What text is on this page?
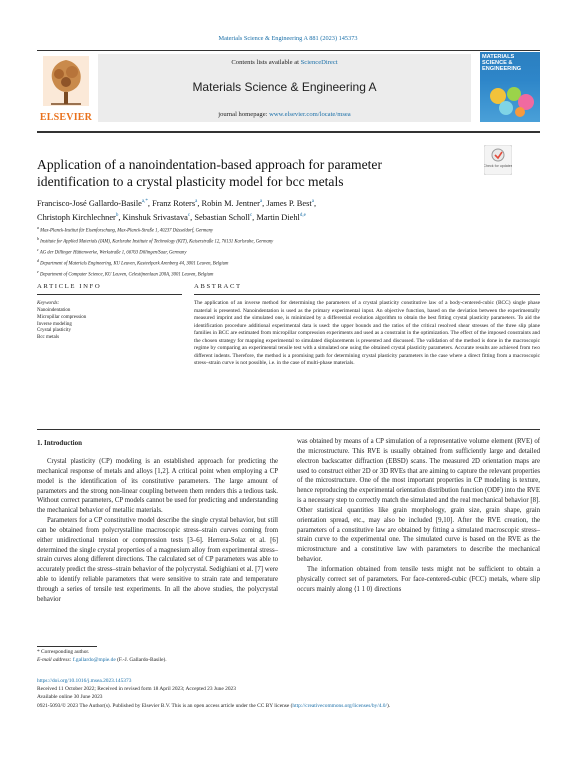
Materials Science & Engineering A 881 (2023) 145373
ELSEVIER
Contents lists available at ScienceDirect
Materials Science & Engineering A
journal homepage: www.elsevier.com/locate/msea
MATERIALS SCIENCE & ENGINEERING
Check for updates
Application of a nanoindentation-based approach for parameter identification to a crystal plasticity model for bcc metals
Francisco-José Gallardo-Basile$^{a,*}$, Franz Roters$^a$, Robin M. Jentner$^a$, James P. Best$^a$,
Christoph Kirchlechner$^b$, Kinshuk Srivastava$^c$, Sebastian Scholl$^c$, Martin Diehl$^{d,e}$
$^a$ Max-Planck-Institut für Eisenforschung, Max-Planck-Straße 1, 40237 Düsseldorf, Germany
$^b$ Institute for Applied Materials (IAM), Karlsruhe Institute of Technology (KIT), Kaiserstraße 12, 76131 Karlsruhe, Germany
$^c$ AG der Dillinger Hüttenwerke, Werkstraße 1, 66763 Dillingen/Saar, Germany
$^d$ Department of Materials Engineering, KU Leuven, Kasteelpark Arenberg 44, 3001 Leuven, Belgium
$^e$ Department of Computer Science, KU Leuven, Celestijnenlaan 200A, 3001 Leuven, Belgium
ARTICLE INFO	ABSTRACT
Keywords:
Nanoindentation
Micropillar compression
Inverse modeling
Crystal plasticity
Bcc metals
The application of an inverse method for determining the parameters of a crystal plasticity constitutive law of a body-centered-cubic (BCC) single phase material is presented. Nanoindentation is used as the primary experimental input. An objective function, based on the deviation between the experimentally measured imprint and the simulated one, is minimized by a differential evolution algorithm to obtain the best fitting crystal plasticity parameters. To aid the identification procedure additional experimental data is used: the upper bounds and the ratios of the critical resolved shear stresses of the three slip plane families in BCC are estimated from micropillar compression experiments and used as a constraint in the optimization. The effect of the imposed constraints and the chosen strategy for mapping experimental to simulated displacements is presented and discussed. The validation of the method is done in the macroscopic regime by comparing an experimental tensile test with a simulated one using the obtained crystal plasticity parameters. Accurate results are achieved from two different indents. Therefore, the method is a promising path for determining crystal plasticity parameters in the case where a direct fitting from a macroscopic stress–strain curve is not possible, i.e. in the case of multi-phase materials.
1. Introduction

Crystal plasticity (CP) modeling is an established approach for predicting the mechanical response of metals and alloys [1,2]. A critical point when employing a CP model is the identification of its constitutive parameters. The large amount of parameters and the strong non-linear coupling between them renders this a tedious task. Without correct parameters, CP models cannot be used for predicting and understanding the mechanical behavior of metallic materials.

Parameters for a CP constitutive model describe the single crystal behavior, but still can be obtained from polycrystalline macroscopic stress–strain curves coming from either unidirectional tension or compression tests [3–6]. Herrera-Solaz et al. [6] determined the single crystal properties of a magnesium alloy from experimental stress–strain curves along different directions. The calculated set of CP parameters was able to accurately predict the stress–strain behavior of the polycrystal. Sedighiani et al. [7] were able to identify reliable parameters that were sensitive to strain rate and temperature through a series of tensile test experiments. In all the above studies, the polycrystal behavior

was obtained by means of a CP simulation of a representative volume element (RVE) of the microstructure. This RVE is usually obtained from sufficiently large and detailed electron backscatter diffraction (EBSD) scans. The measured 2D orientation maps are used to construct either 2D or 3D RVEs that are aiming to capture the relevant properties of the microstructure. One of the most important properties in CP modeling is texture, hence reproducing the experimental orientation distribution function (ODF) into the RVE is a necessary step to correctly match the simulated and the real mechanical behavior [8]. Other statistical quantities like grain morphology, grain size, grain shape, grain orientation spread, etc., may also be included [9,10]. After the RVE creation, the parameters of a constitutive law are obtained by fitting a simulated macroscopic stress–strain curve to the experimental one. The simulated curve is based on the RVE as the microstructure and a constitutive law with parameters to describe the mechanical behavior.

The information obtained from tensile tests might not be sufficient to obtain a physically correct set of parameters. For face-centered-cubic (FCC) metals, where slip occurs mainly along ⟨1 1 0⟩ directions

* Corresponding author.
E-mail address: f.gallardo@mpie.de (F.-J. Gallardo-Basile).
https://doi.org/10.1016/j.msea.2023.145373
Received 11 October 2022; Received in revised form 18 April 2023; Accepted 23 June 2023
Available online 30 June 2023
0921-5093/© 2023 The Author(s). Published by Elsevier B.V. This is an open access article under the CC BY license (http://creativecommons.org/licenses/by/4.0/).
